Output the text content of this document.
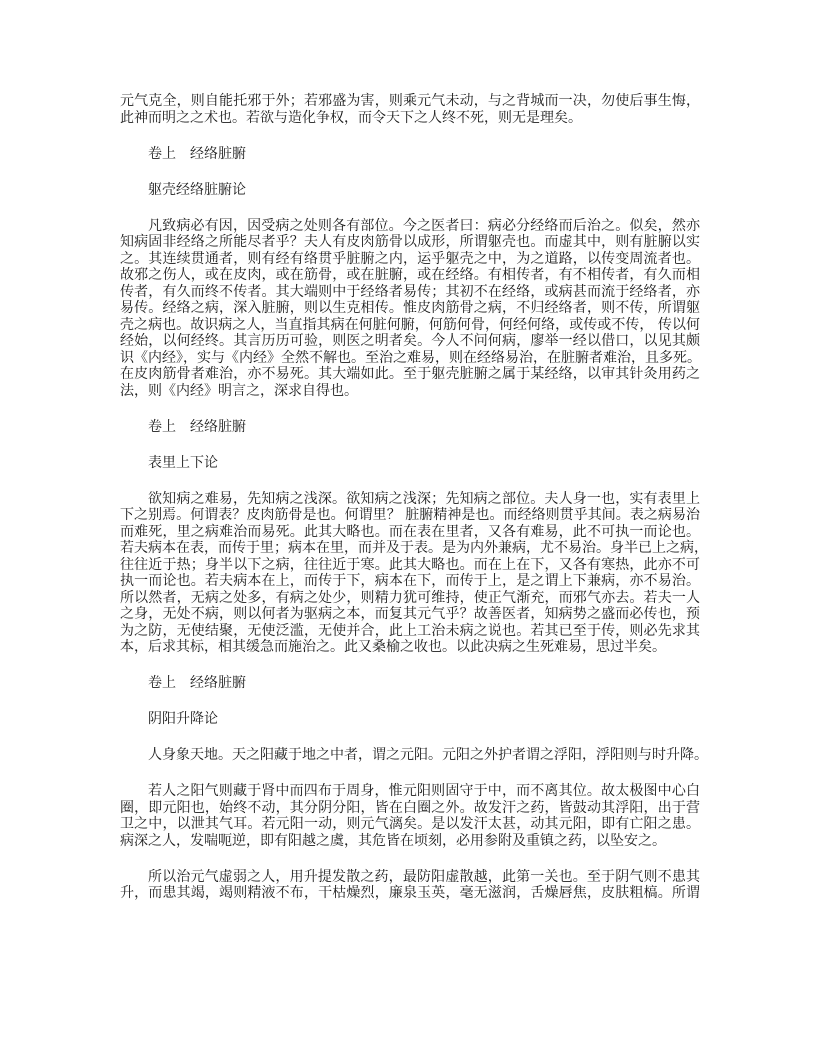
元气克全，则自能托邪于外；若邪盛为害，则乘元气未动，与之背城而一决，勿使后事生悔，
此神而明之之术也。若欲与造化争权，而令天下之人终不死，则无是理矣。
卷上　经络脏腑
躯壳经络脏腑论
凡致病必有因，因受病之处则各有部位。今之医者曰：病必分经络而后治之。似矣，然亦
知病固非经络之所能尽者乎？夫人有皮肉筋骨以成形，所谓躯壳也。而虚其中，则有脏腑以实
之。其连续贯通者，则有经有络贯乎脏腑之内，运乎躯壳之中，为之道路，以传变周流者也。
故邪之伤人，或在皮肉，或在筋骨，或在脏腑，或在经络。有相传者，有不相传者，有久而相
传者，有久而终不传者。其大端则中于经络者易传；其初不在经络，或病甚而流于经络者，亦
易传。经络之病，深入脏腑，则以生克相传。惟皮肉筋骨之病，不归经络者，则不传，所谓躯
壳之病也。故识病之人，当直指其病在何脏何腑，何筋何骨，何经何络，或传或不传， 传以何
经始，以何经终。其言历历可验，则医之明者矣。今人不问何病，廖举一经以借口，以见其颇
识《内经》，实与《内经》全然不解也。至治之难易，则在经络易治，在脏腑者难治，且多死。
在皮肉筋骨者难治，亦不易死。其大端如此。至于躯壳脏腑之属于某经络，以审其针灸用药之
法，则《内经》明言之，深求自得也。
卷上　经络脏腑
表里上下论
欲知病之难易，先知病之浅深。欲知病之浅深；先知病之部位。夫人身一也，实有表里上
下之别焉。何谓表？皮肉筋骨是也。何谓里？ 脏腑精神是也。而经络则贯乎其间。表之病易治
而难死，里之病难治而易死。此其大略也。而在表在里者，又各有难易，此不可执一而论也。
若夫病本在表，而传于里；病本在里，而并及于表。是为内外兼病，尤不易治。身半已上之病，
往往近于热；身半以下之病，往往近于寒。此其大略也。而在上在下，又各有寒热，此亦不可
执一而论也。若夫病本在上，而传于下，病本在下，而传于上，是之谓上下兼病，亦不易治。
所以然者，无病之处多，有病之处少，则精力犹可维持，使正气渐充，而邪气亦去。若夫一人
之身，无处不病，则以何者为驱病之本，而复其元气乎？故善医者，知病势之盛而必传也，预
为之防，无使结聚，无使泛滥，无使并合，此上工治未病之说也。若其已至于传，则必先求其
本，后求其标，相其缓急而施治之。此又桑榆之收也。以此决病之生死难易，思过半矣。
卷上　经络脏腑
阴阳升降论
人身象天地。天之阳藏于地之中者，谓之元阳。元阳之外护者谓之浮阳，浮阳则与时升降。
若人之阳气则藏于肾中而四布于周身，惟元阳则固守于中，而不离其位。故太极图中心白
圈，即元阳也，始终不动，其分阴分阳，皆在白圈之外。故发汗之药，皆鼓动其浮阳，出于营
卫之中，以泄其气耳。若元阳一动，则元气漓矣。是以发汗太甚，动其元阳，即有亡阳之患。
病深之人，发喘呃逆，即有阳越之虞，其危皆在顷刻，必用参附及重镇之药，以坠安之。
所以治元气虚弱之人，用升提发散之药，最防阳虚散越，此第一关也。至于阴气则不患其
升，而患其竭，竭则精液不布，干枯燥烈，廉泉玉英，毫无滋润，舌燥唇焦，皮肤粗槁。所谓
